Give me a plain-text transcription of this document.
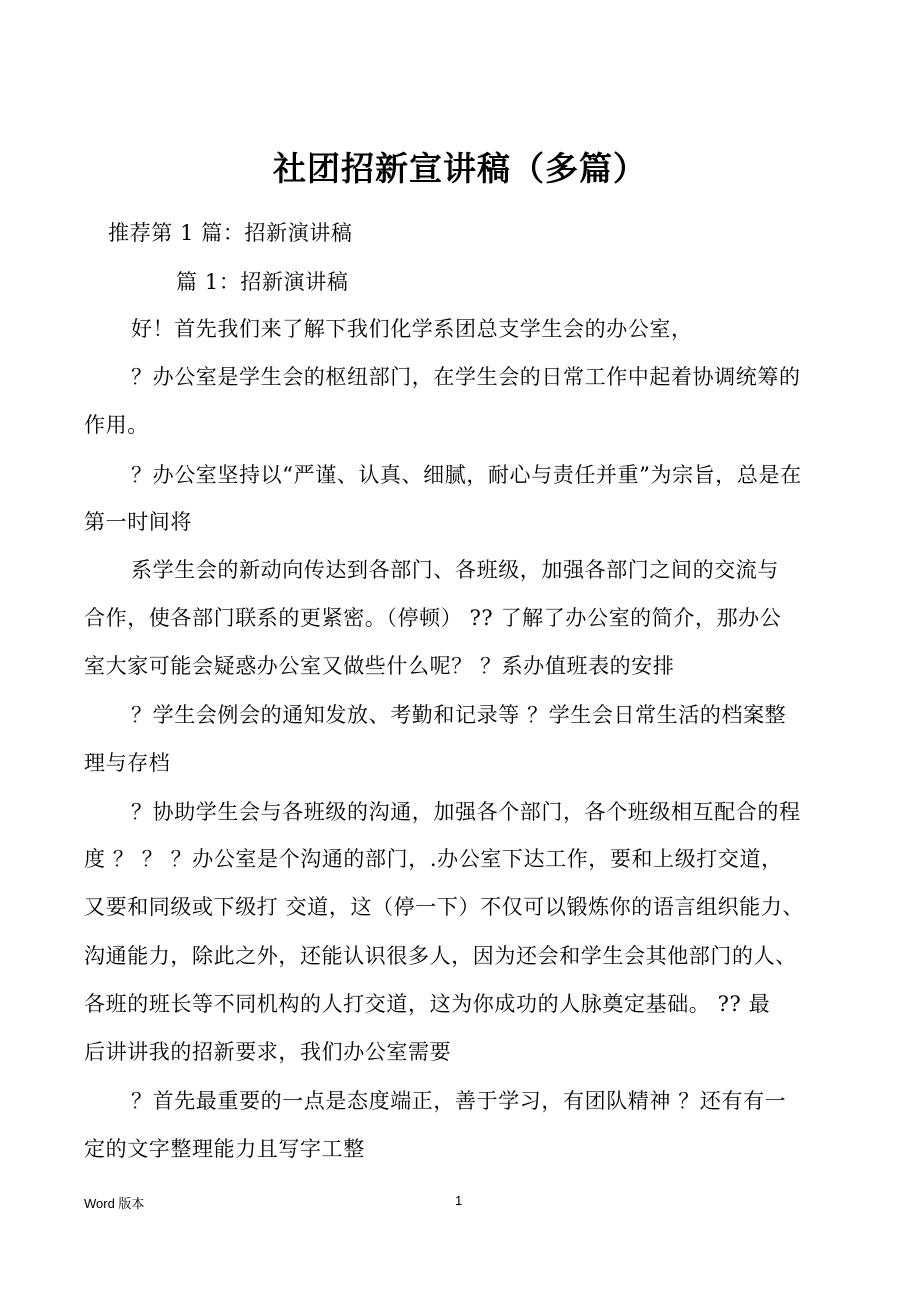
社团招新宣讲稿（多篇）
推荐第 1 篇：招新演讲稿
篇 1：招新演讲稿
好！首先我们来了解下我们化学系团总支学生会的办公室，
？办公室是学生会的枢纽部门，在学生会的日常工作中起着协调统筹的
作用。
？办公室坚持以“严谨、认真、细腻，耐心与责任并重”为宗旨，总是在
第一时间将
系学生会的新动向传达到各部门、各班级，加强各部门之间的交流与
合作，使各部门联系的更紧密。（停顿） ?? 了解了办公室的简介，那办公
室大家可能会疑惑办公室又做些什么呢？ ？系办值班表的安排
？学生会例会的通知发放、考勤和记录等 ？学生会日常生活的档案整
理与存档
？协助学生会与各班级的沟通，加强各个部门，各个班级相互配合的程
度 ？ ？ ？办公室是个沟通的部门，.办公室下达工作，要和上级打交道，
又要和同级或下级打 交道，这（停一下）不仅可以锻炼你的语言组织能力、
沟通能力，除此之外，还能认识很多人，因为还会和学生会其他部门的人、
各班的班长等不同机构的人打交道，这为你成功的人脉奠定基础。 ?? 最
后讲讲我的招新要求，我们办公室需要
？首先最重要的一点是态度端正，善于学习，有团队精神 ？还有有一
定的文字整理能力且写字工整
Word 版本	1
